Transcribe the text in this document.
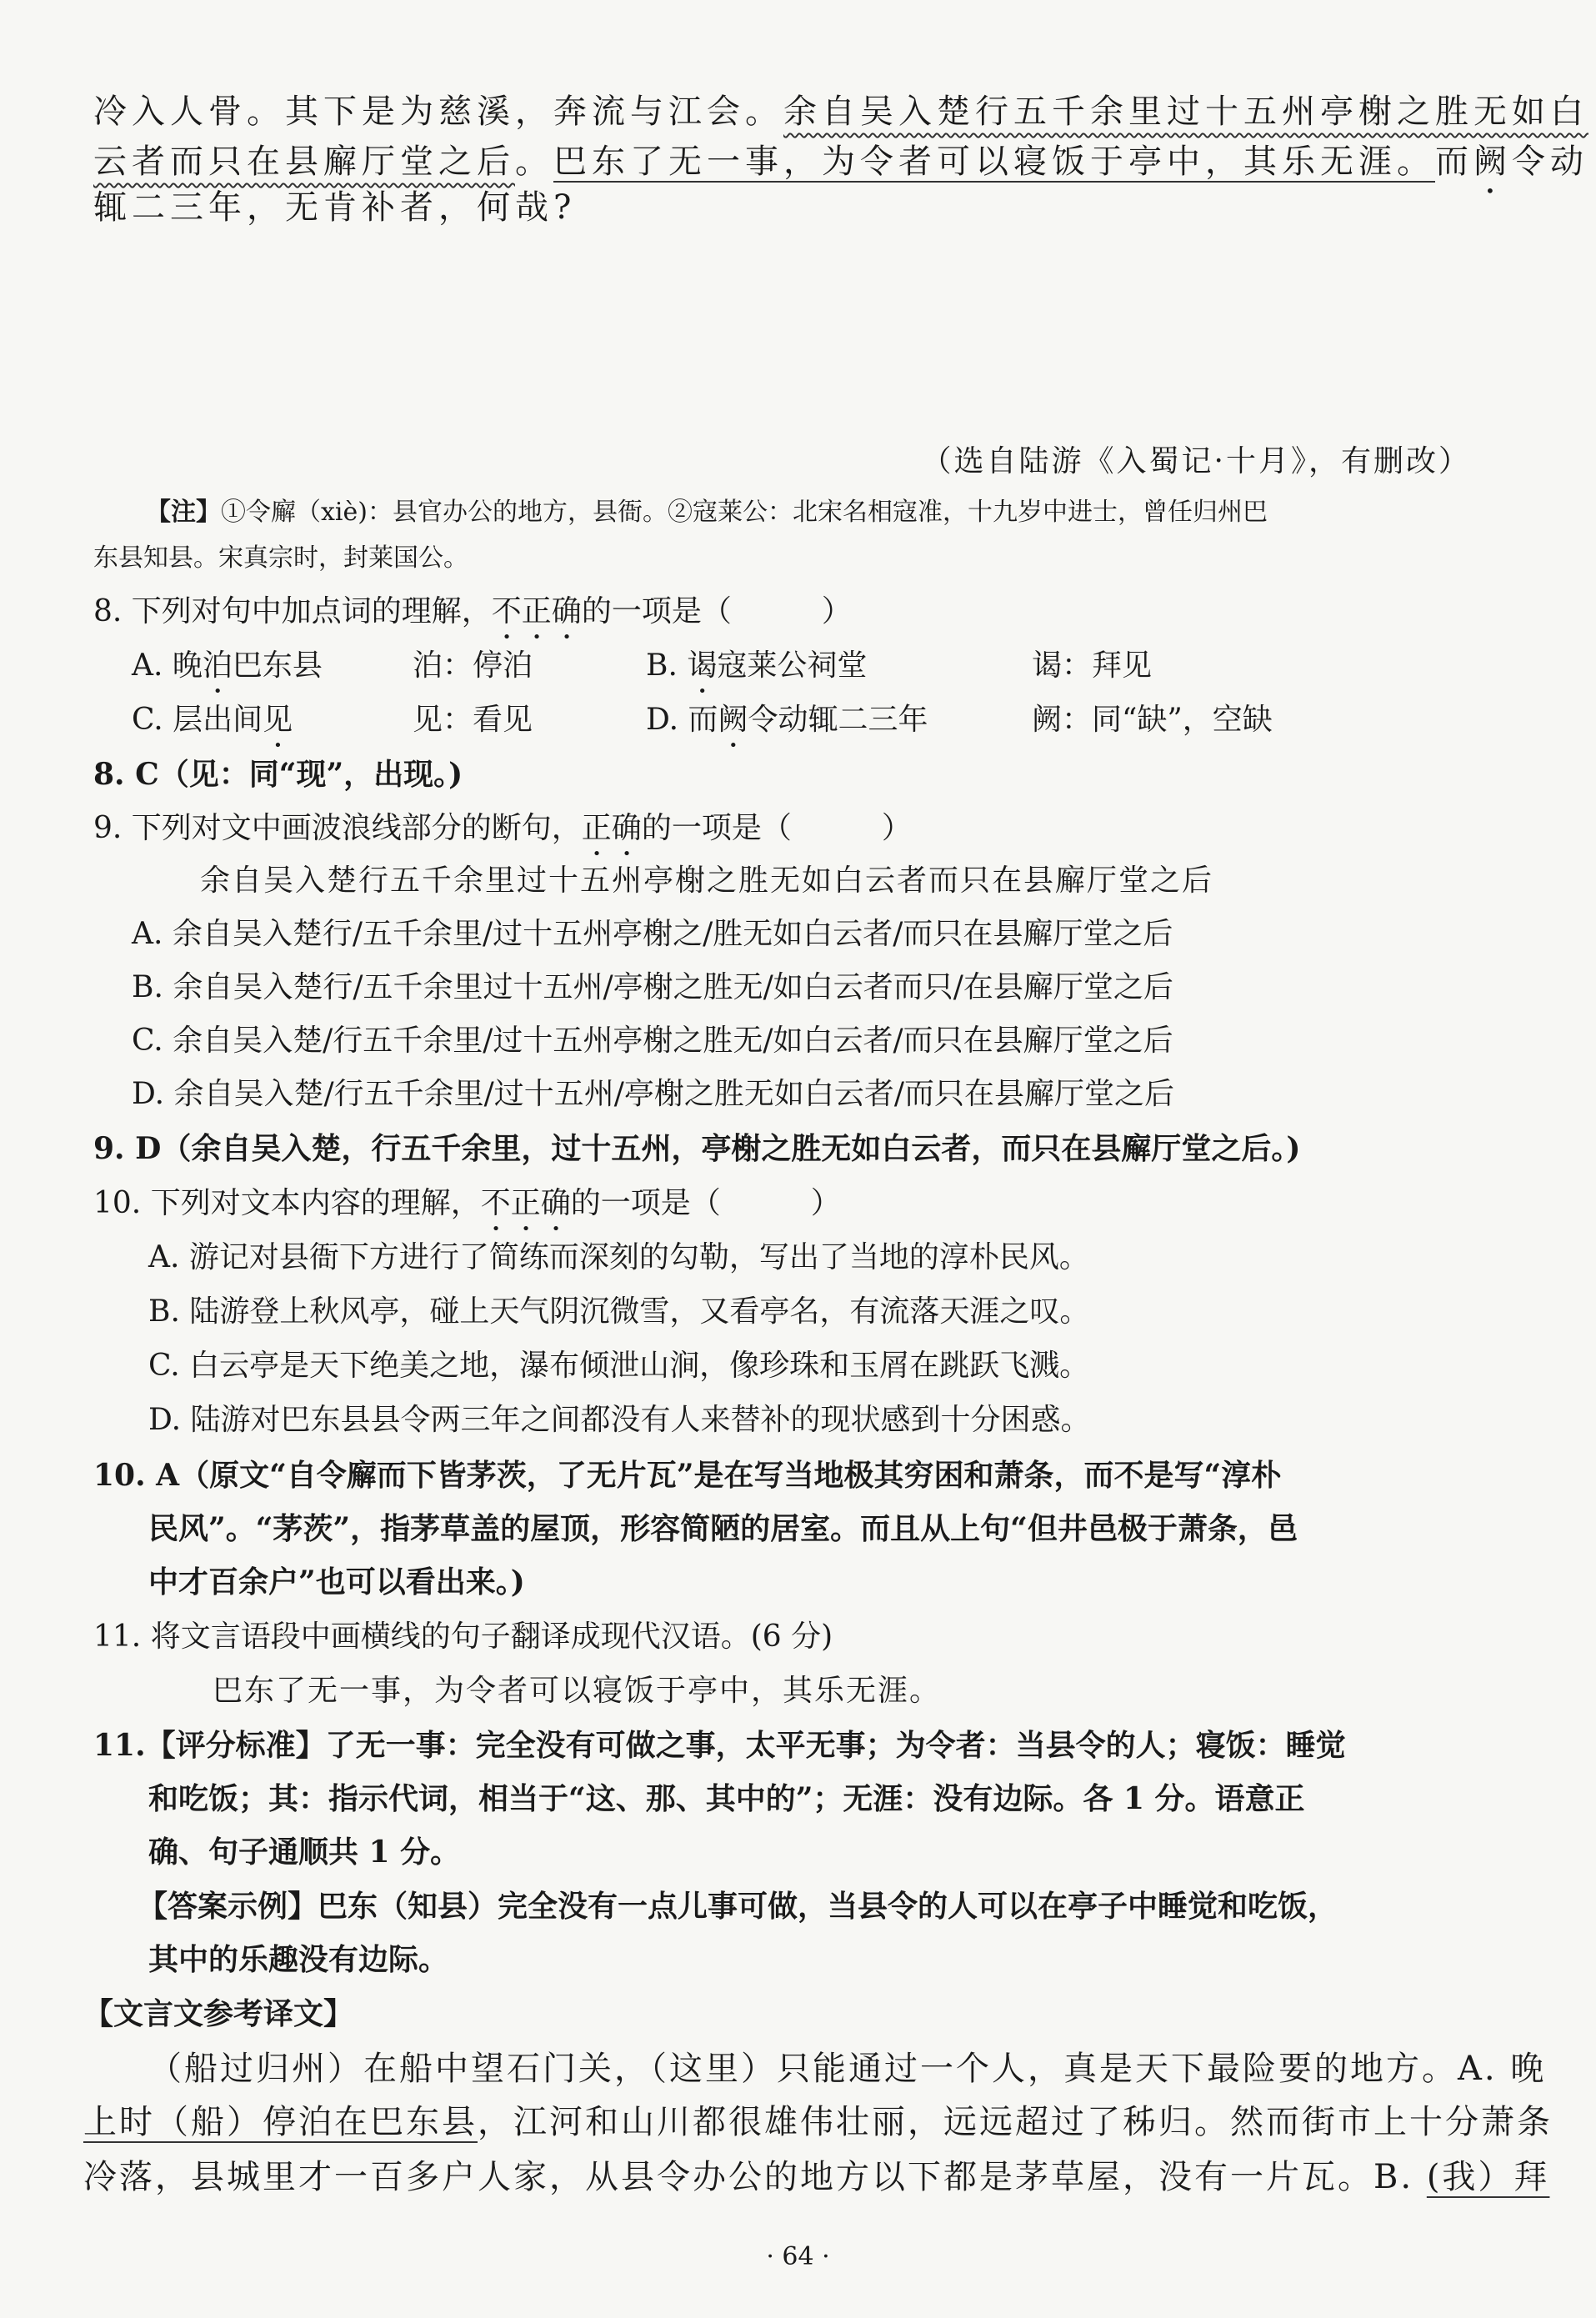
冷入人骨。其下是为慈溪，奔流与江会。余自吴入楚行五千余里过十五州亭榭之胜无如白
云者而只在县廨厅堂之后。巴东了无一事，为令者可以寝饭于亭中，其乐无涯。而阙令动
辄二三年，无肯补者，何哉?
（选自陆游《入蜀记·十月》，有删改）
【注】①令廨（xiè)：县官办公的地方，县衙。②寇莱公：北宋名相寇准，十九岁中进士，曾任归州巴
东县知县。宋真宗时，封莱国公。
8. 下列对句中加点词的理解，不正确的一项是（　　　）
A. 晚泊巴东县	泊：停泊	B. 谒寇莱公祠堂	谒：拜见
C. 层出间见	见：看见	D. 而阙令动辄二三年	阙：同“缺”，空缺
8. C（见：同“现”，出现。)
9. 下列对文中画波浪线部分的断句，正确的一项是（　　　）
余自吴入楚行五千余里过十五州亭榭之胜无如白云者而只在县廨厅堂之后
A. 余自吴入楚行/五千余里/过十五州亭榭之/胜无如白云者/而只在县廨厅堂之后
B. 余自吴入楚行/五千余里过十五州/亭榭之胜无/如白云者而只/在县廨厅堂之后
C. 余自吴入楚/行五千余里/过十五州亭榭之胜无/如白云者/而只在县廨厅堂之后
D. 余自吴入楚/行五千余里/过十五州/亭榭之胜无如白云者/而只在县廨厅堂之后
9. D（余自吴入楚，行五千余里，过十五州，亭榭之胜无如白云者，而只在县廨厅堂之后。)
10. 下列对文本内容的理解，不正确的一项是（　　　）
A. 游记对县衙下方进行了简练而深刻的勾勒，写出了当地的淳朴民风。
B. 陆游登上秋风亭，碰上天气阴沉微雪，又看亭名，有流落天涯之叹。
C. 白云亭是天下绝美之地，瀑布倾泄山涧，像珍珠和玉屑在跳跃飞溅。
D. 陆游对巴东县县令两三年之间都没有人来替补的现状感到十分困惑。
10. A（原文“自令廨而下皆茅茨，了无片瓦”是在写当地极其穷困和萧条，而不是写“淳朴
民风”。“茅茨”，指茅草盖的屋顶，形容简陋的居室。而且从上句“但井邑极于萧条，邑
中才百余户”也可以看出来。)
11. 将文言语段中画横线的句子翻译成现代汉语。(6 分)
巴东了无一事，为令者可以寝饭于亭中，其乐无涯。
11.【评分标准】了无一事：完全没有可做之事，太平无事；为令者：当县令的人；寝饭：睡觉
和吃饭；其：指示代词，相当于“这、那、其中的”；无涯：没有边际。各 1 分。语意正
确、句子通顺共 1 分。
【答案示例】巴东（知县）完全没有一点儿事可做，当县令的人可以在亭子中睡觉和吃饭，
其中的乐趣没有边际。
【文言文参考译文】
（船过归州）在船中望石门关，（这里）只能通过一个人，真是天下最险要的地方。A. 晚
上时（船）停泊在巴东县，江河和山川都很雄伟壮丽，远远超过了秭归。然而街市上十分萧条
冷落，县城里才一百多户人家，从县令办公的地方以下都是茅草屋，没有一片瓦。B. (我）拜
· 64 ·
